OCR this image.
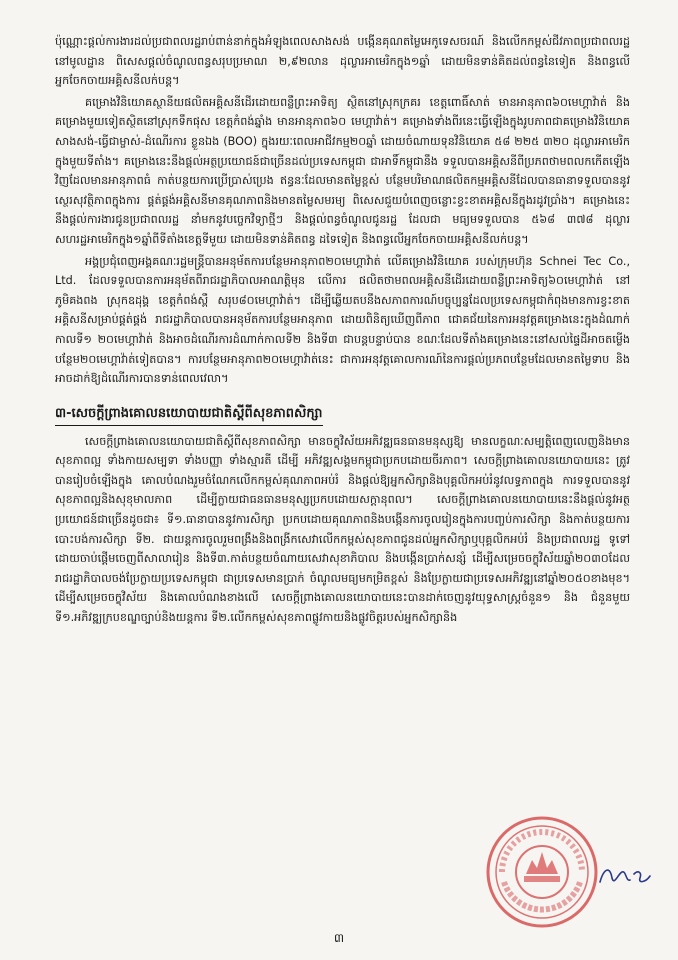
ប៉ុណ្ណោះផ្តល់ការងារដល់ប្រជាពលរដ្ឋរាប់ពាន់នាក់ក្នុងអំឡុងពេលសាងសង់ បង្កើនគុណតម្លៃអេកូទេសចរណ៍ និងលើកកម្ពស់ជីវភាពប្រជាពលរដ្ឋនៅមូលដ្ឋាន ពិសេសផ្តល់ចំណូលពន្ធសរុបប្រមាណ ២,៩២លាន ដុល្លារអាមេរិកក្នុង១ឆ្នាំ ដោយមិនទាន់គិតដល់ពន្ធនៃទៀត និងពន្ធលើអ្នកចែកចាយអគ្គិសនីលក់បន្ត។

គម្រោងវិនិយោគស្ថានីយផលិតអគ្គិសនីដើរដោយពន្លឺព្រះអាទិត្យ ស្ថិតនៅស្រុកក្រគរ ខេត្តពោធិ៍សាត់ មានអានុភាព៦០មេហ្គាវ៉ាត់ និងគម្រោងមួយទៀតស្ថិតនៅស្រុកទឹកផុស ខេត្តកំពង់ឆ្នាំង មានអានុភាព៦០ មេហ្គាវ៉ាត់។ គម្រោងទាំងពីរនេះធ្វើឡើងក្នុងរូបភាពជាគម្រោងវិនិយោគ សាងសង់-ធ្វើជាម្ចាស់-ដំណើរការ ខ្លួនឯង (BOO) ក្នុងរយៈពេលអាជីវកម្ម២០ឆ្នាំ ដោយចំណាយទុនវិនិយោគ ៥៨ ២២៥ ៣២០ ដុល្លារអាមេរិកក្នុងមួយទីតាំង។ គម្រោងនេះនឹងផ្តល់អត្ថប្រយោជន៍ជាច្រើនដល់ប្រទេសកម្ពុជា ជាអាទិ៍កម្ពុជានឹង ទទួលបានអគ្គិសនីពីប្រភពថាមពលកកើតឡើងវិញដែលមានអានុភាពធំ កាត់បន្ថយការប្រើប្រាស់ប្រេង ឥន្ធនៈដែលមានតម្លៃខ្ពស់ បន្ថែមបរិមាណផលិតកម្មអគ្គិសនីដែលបានធានាទទួលបាននូវស្ថេរសុវត្ថិភាពក្នុងការ ផ្គត់ផ្គង់អគ្គិសនីមានគុណភាពនិងមានតម្លៃសមរម្យ ពិសេសជួយបំពេញចន្លោះខ្វះខាតអគ្គិសនីក្នុងរដូវប្រាំង។ គម្រោងនេះនឹងផ្តល់ការងារជូនប្រជាពលរដ្ឋ នាំមកនូវបច្ចេកវិទ្យាថ្មីៗ និងផ្តល់ពន្ធចំណូលជូនរដ្ឋ ដែលជា មធ្យមទទួលបាន ៥៦៨ ៣៧៨ ដុល្លារសហរដ្ឋអាមេរិកក្នុង១ឆ្នាំពីទីតាំងខេត្តទីមួយ ដោយមិនទាន់គិតពន្ធ ដទៃទៀត និងពន្ធលើអ្នកចែកចាយអគ្គិសនីលក់បន្ត។

អង្គប្រជុំពេញអង្គគណៈរដ្ឋមន្ត្រីបានអនុម័តការបន្ថែមអានុភាព២០មេហ្គាវ៉ាត់ លើគម្រោងវិនិយោគ របស់ក្រុមហ៊ុន Schnei Tec Co., Ltd. ដែលទទួលបានការអនុម័តពីរាជរដ្ឋាភិបាលអាណត្តិមុន លើការ ផលិតថាមពលអគ្គិសនីដើរដោយពន្លឺព្រះអាទិត្យ៦០មេហ្គាវ៉ាត់ នៅភូមិគងពង ស្រុកឧដុង្គ ខេត្តកំពង់ស្ពឺ សរុប៨០មេហ្គាវ៉ាត់។ ដើម្បីឆ្លើយតបនឹងសភាពការណ៍បច្ចុប្បន្នដែលប្រទេសកម្ពុជាកំពុងមានការខ្វះខាត អគ្គិសនីសម្រាប់ផ្គត់ផ្គង់ រាជរដ្ឋាភិបាលបានអនុម័តការបន្ថែមអានុភាព ដោយពិនិត្យឃើញពីភាព ជោគជ័យនៃការអនុវត្តគម្រោងនេះក្នុងដំណាក់កាលទី១ ២០មេហ្គាវ៉ាត់ និងអាចដំណើរការដំណាក់កាលទី២ និងទី៣ ជាបន្តបន្ទាប់បាន ខណៈដែលទីតាំងគម្រោងនេះនៅសល់ផ្ទៃដីអាចតម្លើងបន្ថែម២០មេហ្គាវ៉ាត់ទៀតបាន។ ការបន្ថែមអានុភាព២០មេហ្គាវ៉ាត់នេះ ជាការអនុវត្តគោលការណ៍នៃការផ្តល់ប្រភពបន្ថែមដែលមានតម្លៃទាប និង អាចដាក់ឱ្យដំណើរការបានទាន់ពេលវេលា។

៣-សេចក្តីព្រាងគោលនយោបាយជាតិស្តីពីសុខភាពសិក្សា

សេចក្តីព្រាងគោលនយោបាយជាតិស្តីពីសុខភាពសិក្សា មានចក្ខុវិស័យអភិវឌ្ឍធនធានមនុស្សឱ្យ មានលក្ខណៈសម្បត្តិពេញលេញនិងមានសុខភាពល្អ ទាំងកាយសម្បទា ទាំងបញ្ញា ទាំងស្មារតី ដើម្បី អភិវឌ្ឍសង្គមកម្ពុជាប្រកបដោយចីរភាព។ សេចក្តីព្រាងគោលនយោបាយនេះ ត្រូវបានរៀបចំឡើងក្នុង គោលបំណងរួមចំណែកលើកកម្ពស់គុណភាពអប់រំ និងផ្តល់ឱ្យអ្នកសិក្សានិងបុគ្គលិកអប់រំនូវលទ្ធភាពក្នុង ការទទួលបាននូវសុខភាពល្អនិងសុខុមាលភាព ដើម្បីក្លាយជាធនធានមនុស្សប្រកបដោយសក្តានុពល។ សេចក្តីព្រាងគោលនយោបាយនេះនឹងផ្តល់នូវអត្ថប្រយោជន៍ជាច្រើនដូចជា៖ ទី១.ធានាបាននូវការសិក្សា ប្រកបដោយគុណភាពនិងបង្កើនការចូលរៀនក្នុងការបញ្ចប់ការសិក្សា និងកាត់បន្ថយការបោះបង់ការសិក្សា ទី២. ជាយន្តការចូលរួមពង្រឹងនិងពង្រីកសេវាលើកកម្ពស់សុខភាពជូនដល់អ្នកសិក្សាឬបុគ្គលិកអប់រំ និងប្រជាពលរដ្ឋ ទូទៅ ដោយចាប់ផ្តើមចេញពីសាលារៀន និងទី៣.កាត់បន្ថយចំណាយសេវាសុខាភិបាល និងបង្កើនប្រាក់សន្សំ ដើម្បីសម្រេចចក្ខុវិស័យឆ្នាំ២០៣០ដែលរាជរដ្ឋាភិបាលចង់ប្រែក្លាយប្រទេសកម្ពុជា ជាប្រទេសមានប្រាក់ ចំណូលមធ្យមកម្រិតខ្ពស់ និងប្រែក្លាយជាប្រទេសអភិវឌ្ឍនៅឆ្នាំ២០៥០ខាងមុខ។ ដើម្បីសម្រេចចក្ខុវិស័យ និងគោលបំណងខាងលើ សេចក្តីព្រាងគោលនយោបាយនេះបានដាក់ចេញនូវយុទ្ធសាស្ត្រចំនួន១ និង ជំនួនមួយ ទី១.អភិវឌ្ឍក្របខណ្ឌច្បាប់និងយន្តការ ទី២.លើកកម្ពស់សុខភាពផ្លូវកាយនិងផ្លូវចិត្តរបស់អ្នកសិក្សានិង

៣
